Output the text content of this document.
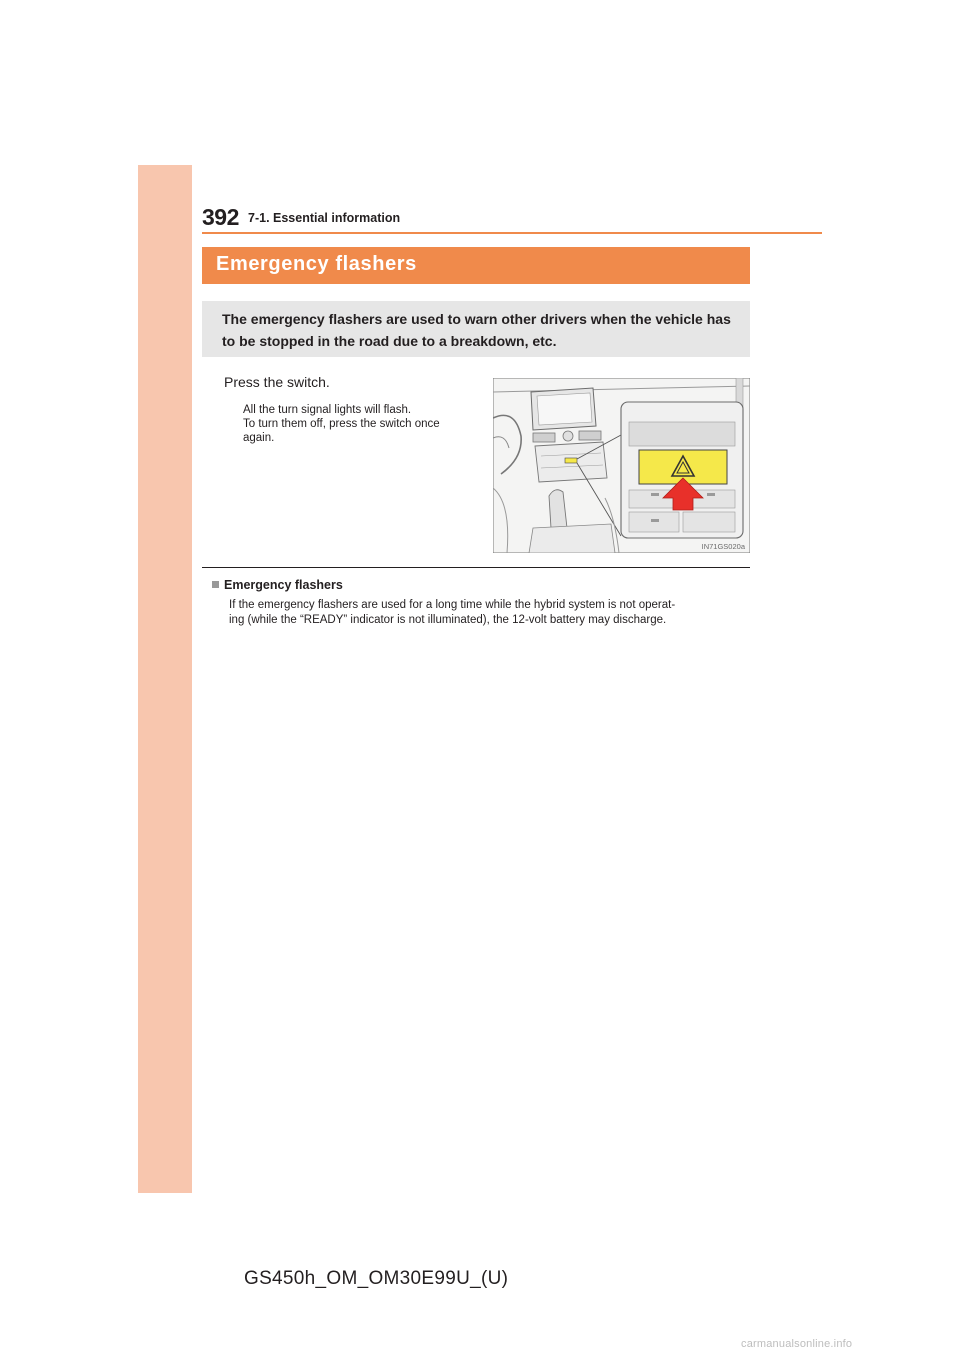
392 7-1. Essential information
Emergency flashers
The emergency flashers are used to warn other drivers when the vehicle has to be stopped in the road due to a breakdown, etc.
Press the switch.
All the turn signal lights will flash.
To turn them off, press the switch once
again.
IN71GS020a
Emergency flashers
If the emergency flashers are used for a long time while the hybrid system is not operat-
ing (while the “READY” indicator is not illuminated), the 12-volt battery may discharge.
GS450h_OM_OM30E99U_(U)
carmanualsonline.info
